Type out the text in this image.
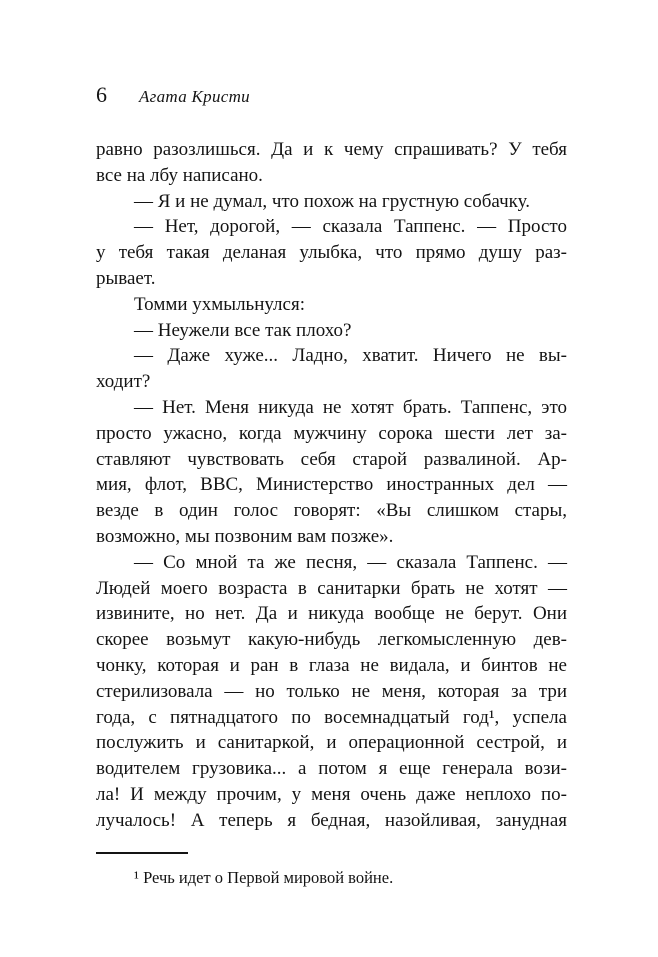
6 Агата Кристи
равно разозлишься. Да и к чему спрашивать? У тебя
все на лбу написано.
— Я и не думал, что похож на грустную собачку.
— Нет, дорогой, — сказала Таппенс. — Просто
у тебя такая деланая улыбка, что прямо душу раз-
рывает.
Томми ухмыльнулся:
— Неужели все так плохо?
— Даже хуже... Ладно, хватит. Ничего не вы-
ходит?
— Нет. Меня никуда не хотят брать. Таппенс, это
просто ужасно, когда мужчину сорока шести лет за-
ставляют чувствовать себя старой развалиной. Ар-
мия, флот, ВВС, Министерство иностранных дел —
везде в один голос говорят: «Вы слишком стары,
возможно, мы позвоним вам позже».
— Со мной та же песня, — сказала Таппенс. —
Людей моего возраста в санитарки брать не хотят —
извините, но нет. Да и никуда вообще не берут. Они
скорее возьмут какую-нибудь легкомысленную дев-
чонку, которая и ран в глаза не видала, и бинтов не
стерилизовала — но только не меня, которая за три
года, с пятнадцатого по восемнадцатый год¹, успела
послужить и санитаркой, и операционной сестрой, и
водителем грузовика... а потом я еще генерала вози-
ла! И между прочим, у меня очень даже неплохо по-
лучалось! А теперь я бедная, назойливая, занудная
¹ Речь идет о Первой мировой войне.
